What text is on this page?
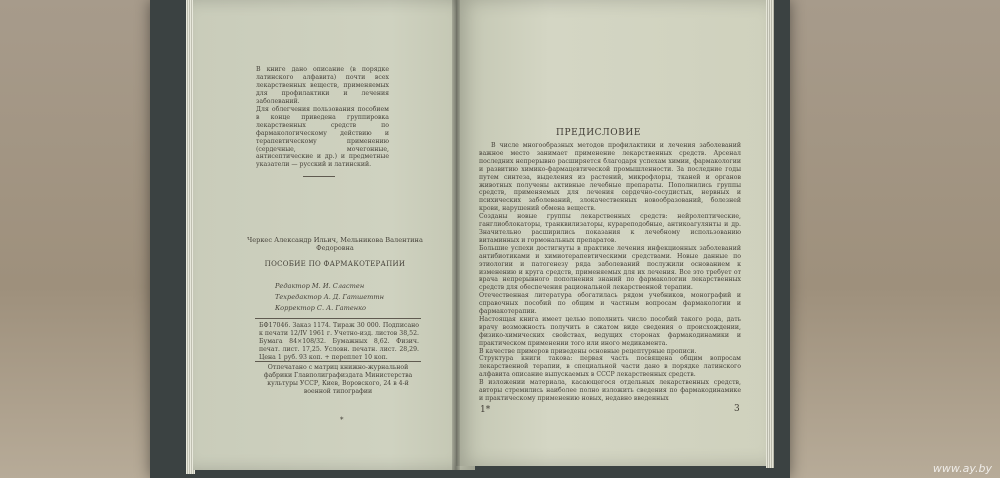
В книге дано описание (в порядке латинского алфавита) почти всех лекарственных веществ, применяемых для профилактики и лечения заболеваний.

Для облегчения пользования пособием в конце приведена группировка лекарственных средств по фармакологическому действию и терапевтическому применению (сердечные, мочегонные, антисептические и др.) и предметные указатели — русский и латинский.

Черкес Александр Ильич, Мельникова Валентина Федоровна

ПОСОБИЕ ПО ФАРМАКОТЕРАПИИ

Редактор М. И. Сластен

Техредактор А. Д. Гатшеттн

Корректор С. А. Гатенко

БФ17046. Заказ 1174. Тираж 30 000. Подписано к печати 12/IV 1961 г. Учетно-изд. листов 38,52. Бумага 84×108/32. Бумажных 8,62. Физич. печат. лист. 17,25. Условн. печатн. лист. 28,29. Цена 1 руб. 93 коп. + переплет 10 коп.

Отпечатано с матриц книжно-журнальной фабрики Главполиграфиздата Министерства культуры УССР, Киев, Воровского, 24 в 4-й военной типографии

*
ПРЕДИСЛОВИЕ

В числе многообразных методов профилактики и лечения заболеваний важное место занимает применение лекарственных средств. Арсенал последних непрерывно расширяется благодаря успехам химии, фармакологии и развитию химико-фармацевтической промышленности. За последние годы путем синтеза, выделения из растений, микрофлоры, тканей и органов животных получены активные лечебные препараты. Пополнились группы средств, применяемых для лечения сердечно-сосудистых, нервных и психических заболеваний, злокачественных новообразований, болезней крови, нарушений обмена веществ.
Созданы новые группы лекарственных средств: нейролептические, ганглиоблокаторы, транквилизаторы, курареподобные, антикоагулянты и др. Значительно расширились показания к лечебному использованию витаминных и гормональных препаратов.
Большие успехи достигнуты в практике лечения инфекционных заболеваний антибиотиками и химиотерапевтическими средствами. Новые данные по этиологии и патогенезу ряда заболеваний послужили основанием к изменению и круга средств, применяемых для их лечения. Все это требует от врача непрерывного пополнения знаний по фармакологии лекарственных средств для обеспечения рациональной лекарственной терапии.
Отечественная литература обогатилась рядом учебников, монографий и справочных пособий по общим и частным вопросам фармакологии и фармакотерапии.
Настоящая книга имеет целью пополнить число пособий такого рода, дать врачу возможность получить в сжатом виде сведения о происхождении, физико-химических свойствах, ведущих сторонах фармакодинамики и практическом применении того или иного медикамента.
В качестве примеров приведены основные рецептурные прописи.
Структура книги такова: первая часть посвящена общим вопросам лекарственной терапии, в специальной части дано в порядке латинского алфавита описание выпускаемых в СССР лекарственных средств.
В изложении материала, касающегося отдельных лекарственных средств, авторы стремились наиболее полно изложить сведения по фармакодинамике и практическому применению новых, недавно введенных

1*	3
www.ay.by
